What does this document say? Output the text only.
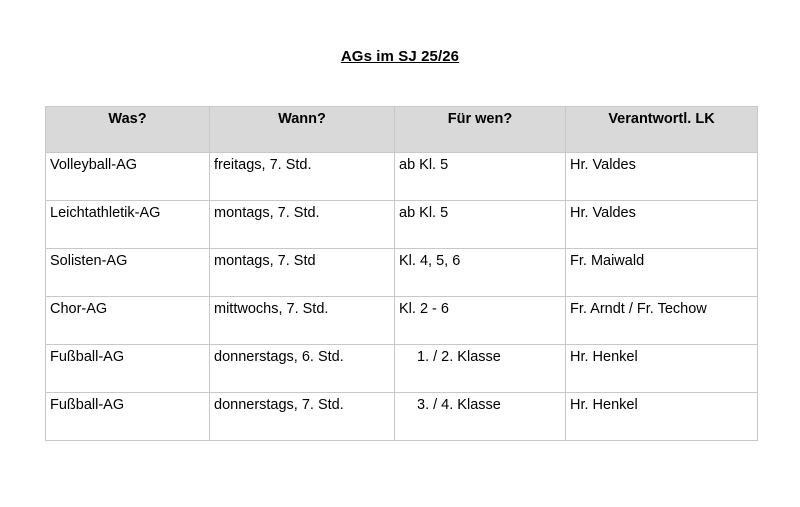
AGs im SJ 25/26
Was?	Wann?	Für wen?	Verantwortl. LK
Volleyball-AG	freitags, 7. Std.	ab Kl. 5	Hr. Valdes
Leichtathletik-AG	montags, 7. Std.	ab Kl. 5	Hr. Valdes
Solisten-AG	montags, 7. Std	Kl. 4, 5, 6	Fr. Maiwald
Chor-AG	mittwochs, 7. Std.	Kl. 2 - 6	Fr. Arndt / Fr. Techow
Fußball-AG	donnerstags, 6. Std.	1. / 2. Klasse	Hr. Henkel
Fußball-AG	donnerstags, 7. Std.	3. / 4. Klasse	Hr. Henkel
